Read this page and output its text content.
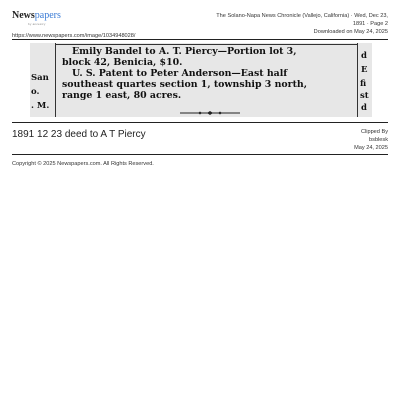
Newspapers
by ancestry
https://www.newspapers.com/image/1034948028/
The Solano-Napa News Chronicle (Vallejo, California) · Wed, Dec 23,
1891 · Page 2
Downloaded on May 24, 2025
San
o.
. M.
d
E
fi
st
d
Emily Bandel to A. T. Piercy—Portion lot 3,
block 42, Benicia, $10.
U. S. Patent to Peter Anderson—East half
southeast quartes section 1, township 3 north,
range 1 east, 80 acres.
1891 12 23 deed to A T Piercy	Clipped By
bsblesk
May 24, 2025
Copyright © 2025 Newspapers.com. All Rights Reserved.
